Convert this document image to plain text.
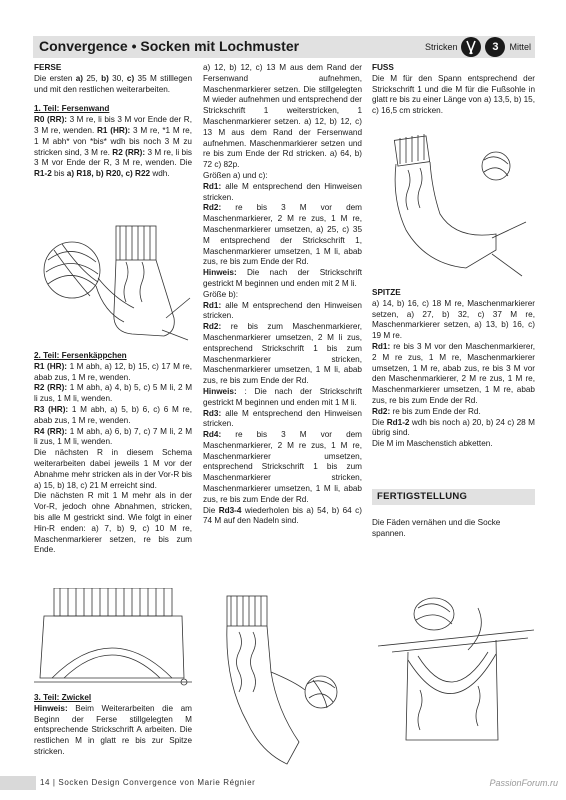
Convergence • Socken mit Lochmuster	Stricken	3	Mittel

FERSE

Die ersten a) 25, b) 30, c) 35 M stilllegen und mit den restlichen weiterarbeiten.

1. Teil: Fersenwand

R0 (RR): 3 M re, li bis 3 M vor Ende der R, 3 M re, wenden. R1 (HR): 3 M re, *1 M re, 1 M abh* von *bis* wdh bis noch 3 M zu stricken sind, 3 M re. R2 (RR): 3 M re, li bis 3 M vor Ende der R, 3 M re, wenden. Die R1-2 bis a) R18, b) R20, c) R22 wdh.

2. Teil: Fersenkäppchen

R1 (HR): 1 M abh, a) 12, b) 15, c) 17 M re, abab zus, 1 M re, wenden.

R2 (RR): 1 M abh, a) 4, b) 5, c) 5 M li, 2 M li zus, 1 M li, wenden.

R3 (HR): 1 M abh, a) 5, b) 6, c) 6 M re, abab zus, 1 M re, wenden.

R4 (RR): 1 M abh, a) 6, b) 7, c) 7 M li, 2 M li zus, 1 M li, wenden.

Die nächsten R in diesem Schema weiterarbeiten dabei jeweils 1 M vor der Abnahme mehr stricken als in der Vor-R bis a) 15, b) 18, c) 21 M erreicht sind.

Die nächsten R mit 1 M mehr als in der Vor-R, jedoch ohne Abnahmen, stricken, bis alle M gestrickt sind. Wie folgt in einer Hin-R enden: a) 7, b) 9, c) 10 M re, Maschenmarkierer setzen, re bis zum Ende.

3. Teil: Zwickel

Hinweis: Beim Weiterarbeiten die am Beginn der Ferse stillgelegten M entsprechende Strickschrift A arbeiten. Die restlichen M in glatt re bis zur Spitze stricken.

a) 12, b) 12, c) 13 M aus dem Rand der Fersenwand aufnehmen, Maschenmarkierer setzen. Die stillgelegten M wieder aufnehmen und entsprechend der Strickschrift 1 weiterstricken, 1 Maschenmarkierer setzen. a) 12, b) 12, c) 13 M aus dem Rand der Fersenwand aufnehmen. Maschenmarkierer setzen und re bis zum Ende der Rd stricken. a) 64, b) 72 c) 82p.

Größen a) und c):

Rd1: alle M entsprechend den Hinweisen stricken.

Rd2: re bis 3 M vor dem Maschenmarkierer, 2 M re zus, 1 M re, Maschenmarkierer umsetzen, a) 25, c) 35 M entsprechend der Strickschrift 1, Maschenmarkierer umsetzen, 1 M li, abab zus, re bis zum Ende der Rd.

Hinweis: Die nach der Strickschrift gestrickt M beginnen und enden mit 2 M li.

Größe b):

Rd1: alle M entsprechend den Hinweisen stricken.

Rd2: re bis zum Maschenmarkierer, Maschenmarkierer umsetzen, 2 M li zus, entsprechend Strickschrift 1 bis zum Maschenmarkierer stricken, Maschenmarkierer umsetzen, 1 M li, abab zus, re bis zum Ende der Rd.

Hinweis: : Die nach der Strickschrift gestrickt M beginnen und enden mit 1 M li.

Rd3: alle M entsprechend den Hinweisen stricken.

Rd4: re bis 3 M vor dem Maschenmarkierer, 2 M re zus, 1 M re, Maschenmarkierer umsetzen, entsprechend Strickschrift 1 bis zum Maschenmarkierer stricken, Maschenmarkierer umsetzen, 1 M li, abab zus, re bis zum Ende der Rd.

Die Rd3-4 wiederholen bis a) 54, b) 64 c) 74 M auf den Nadeln sind.

FUSS

Die M für den Spann entsprechend der Strickschrift 1 und die M für die Fußsohle in glatt re bis zu einer Länge von a) 13,5, b) 15, c) 16,5 cm stricken.

SPITZE

a) 14, b) 16, c) 18 M re, Maschenmarkierer setzen, a) 27, b) 32, c) 37 M re, Maschenmarkierer setzen, a) 13, b) 16, c) 19 M re.

Rd1: re bis 3 M vor den Maschenmarkierer, 2 M re zus, 1 M re, Maschenmarkierer umsetzen, 1 M re, abab zus, re bis 3 M vor den Maschenmarkierer, 2 M re zus, 1 M re, Maschenmarkierer umsetzen, 1 M re, abab zus, re bis zum Ende der Rd.

Rd2: re bis zum Ende der Rd.

Die Rd1-2 wdh bis noch a) 20, b) 24 c) 28 M übrig sind.

Die M im Maschenstich abketten.

FERTIGSTELLUNG
Die Fäden vernähen und die Socke spannen.
14 | Socken Design Convergence von Marie Régnier	PassionForum.ru
